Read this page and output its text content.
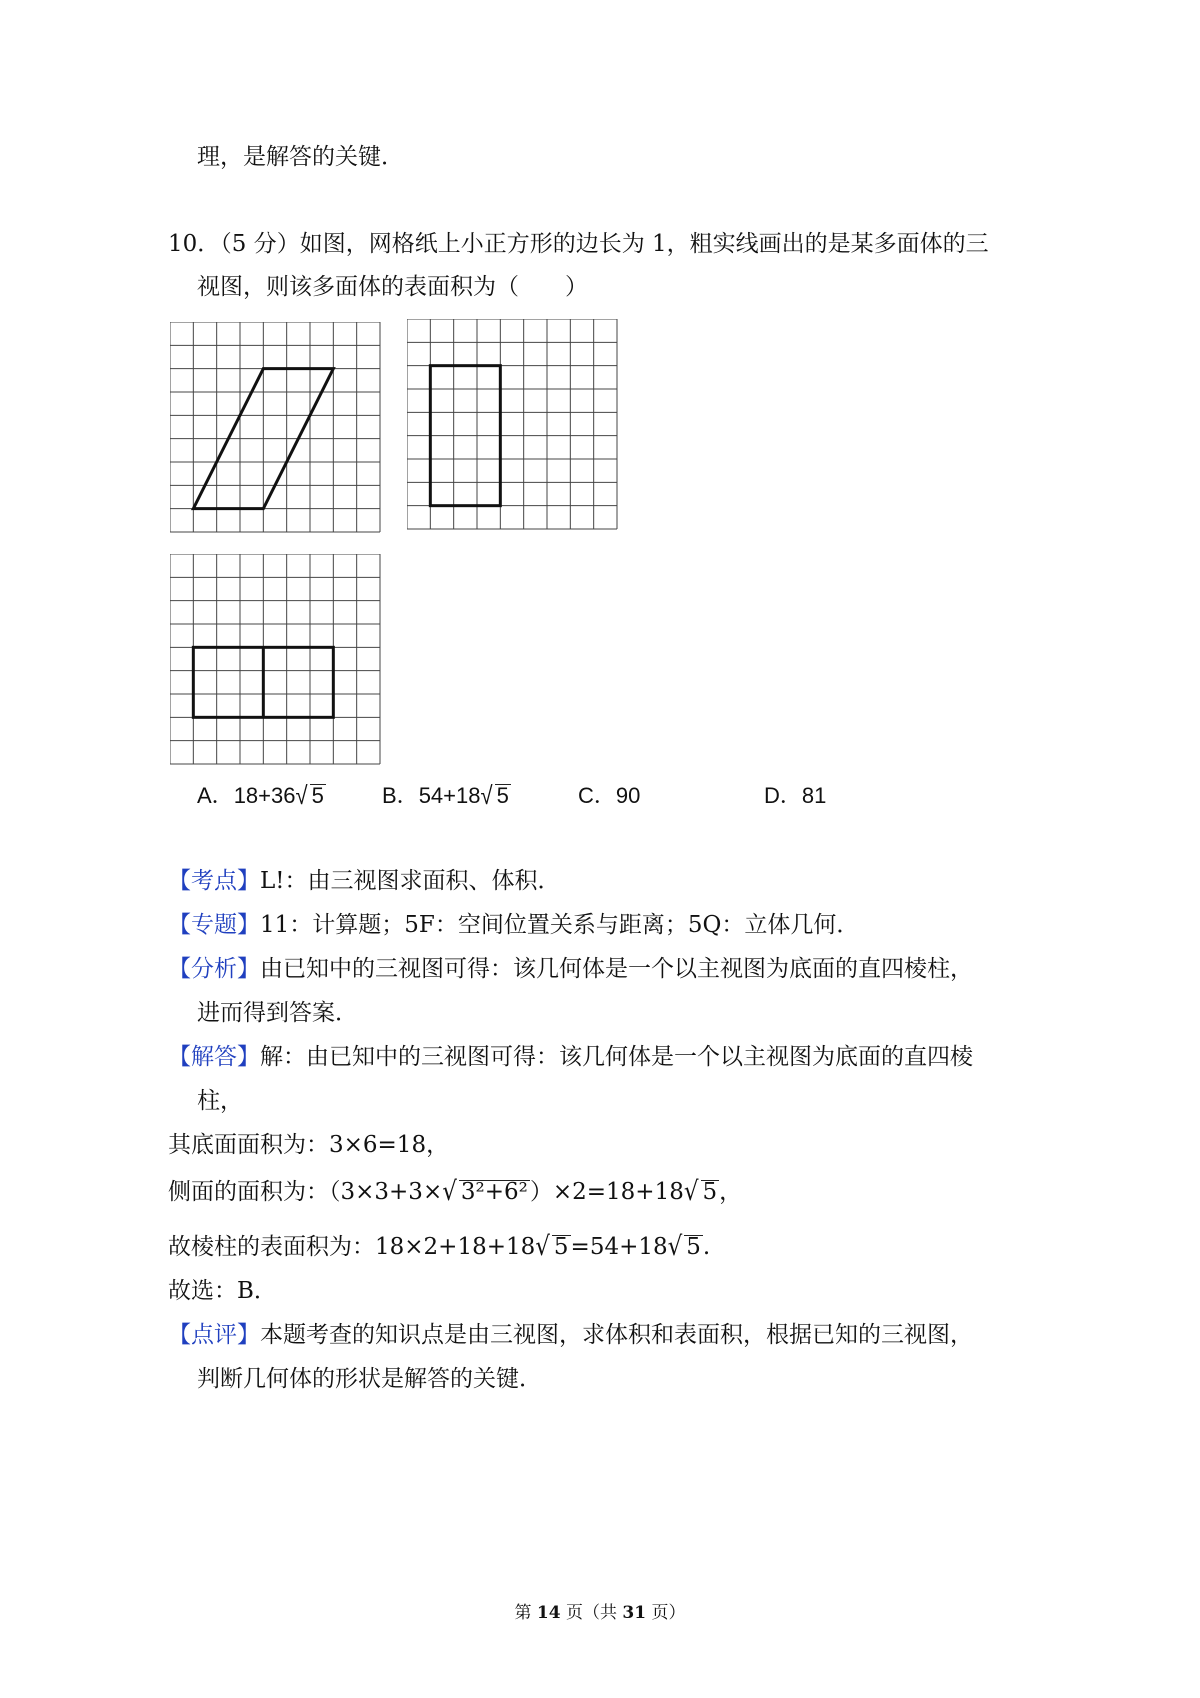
理，是解答的关键．
10．（5 分）如图，网格纸上小正方形的边长为 1，粗实线画出的是某多面体的三
视图，则该多面体的表面积为（　　）
A．18+36√ 5	B．54+18√ 5	C．90	D．81
【考点】L!：由三视图求面积、体积．
【专题】11：计算题；5F：空间位置关系与距离；5Q：立体几何．
【分析】由已知中的三视图可得：该几何体是一个以主视图为底面的直四棱柱，
进而得到答案．
【解答】解：由已知中的三视图可得：该几何体是一个以主视图为底面的直四棱
柱，
其底面面积为：3×6=18，
侧面的面积为：（3×3+3×√ 3²+6²）×2=18+18√ 5，
故棱柱的表面积为：18×2+18+18√ 5=54+18√ 5.
故选：B．
【点评】本题考查的知识点是由三视图，求体积和表面积，根据已知的三视图，
判断几何体的形状是解答的关键．
第 14 页（共 31 页）
